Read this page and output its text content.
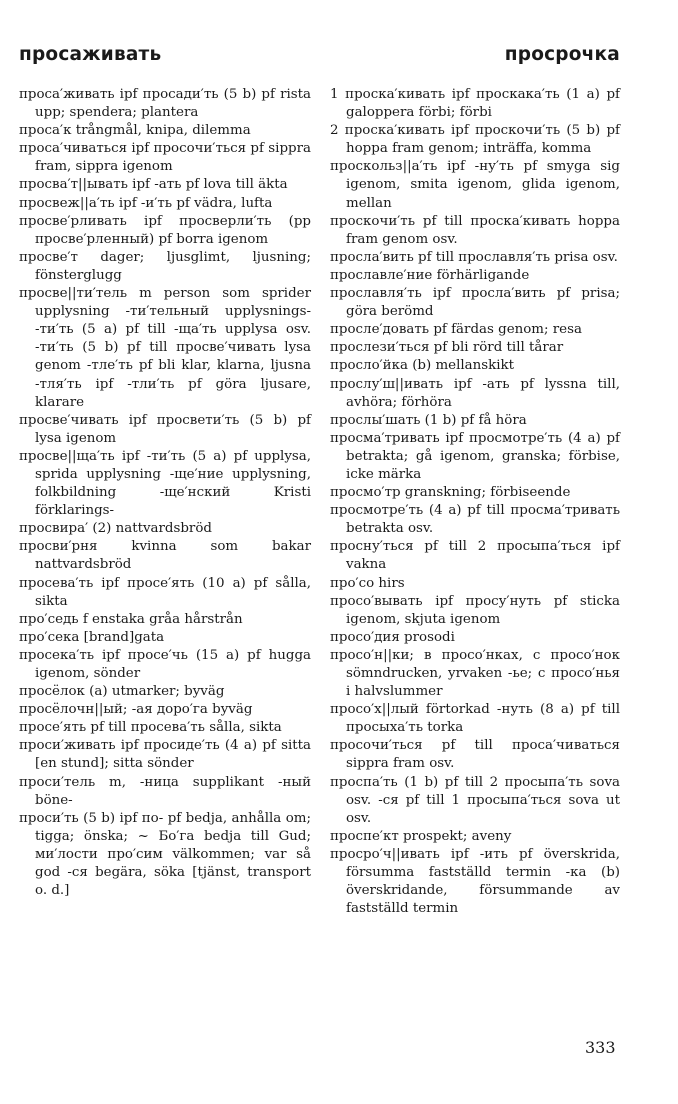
просаживать	просрочка

проса′живать ipf просади′ть (5 b) pf rista upp; spendera; plantera

проса′к trångmål, knipa, dilemma

проса′чиваться ipf просочи′ться pf sippra fram, sippra igenom

просва′т||ывать ipf -ать pf lova till äkta

просвеж||а′ть ipf -и′ть pf vädra, lufta

просве′рливать ipf просверли′ть (pp просве′рленный) pf borra igenom

просве′т dager; ljusglimt, ljusning; fönsterglugg

просве||ти′тель m person som sprider upplysning -ти′тельный upplysnings- -ти′ть (5 a) pf till -ща′ть upplysa osv. -ти′ть (5 b) pf till просве′чивать lysa genom -тле′ть pf bli klar, klarna, ljusna -тля′ть ipf -тли′ть pf göra ljusare, klarare

просве′чивать ipf просвети′ть (5 b) pf lysa igenom

просвe||ща′ть ipf -ти′ть (5 a) pf upplysa, sprida upplysning -ще′ние upplysning, folkbildning -ще′нский Kristi förklarings-

просвира′ (2) nattvardsbröd

просви′рня kvinna som bakar nattvardsbröd

просева′ть ipf просе′ять (10 a) pf sålla, sikta

про′седь f enstaka gråa hårstrån

про′сека [brand]gata

просека′ть ipf просе′чь (15 a) pf hugga igenom, sönder

просёлок (a) utmarker; byväg

просёлочн||ый; -ая доро′га byväg

просе′ять pf till просева′ть sålla, sikta

проси′живать ipf просиде′ть (4 a) pf sitta [en stund]; sitta sönder

проси′тель m, -ница supplikant -ный böne-

проси′ть (5 b) ipf по- pf bedja, anhålla om; tigga; önska; ~ Бо′га bedja till Gud; ми′лости про′сим välkommen; var så god -ся begära, söka [tjänst, transport o. d.]

1 проска′кивать ipf проскака′ть (1 a) pf galoppera förbi; förbi

2 проска′кивать ipf проскочи′ть (5 b) pf hoppa fram genom; inträffa, komma

проскольз||а′ть ipf -ну′ть pf smyga sig igenom, smita igenom, glida igenom, mellan

проскочи′ть pf till проска′кивать hoppa fram genom osv.

просла′вить pf till прославля′ть prisa osv.

прославле′ние förhärligande

прославля′ть ipf просла′вить pf prisa; göra berömd

просле′довать pf färdas genom; resa

прослези′ться pf bli rörd till tårar

просло′йка (b) mellanskikt

прослу′ш||ивать ipf -ать pf lyssna till, avhöra; förhöra

прослы′шать (1 b) pf få höra

просма′тривать ipf просмотре′ть (4 a) pf betrakta; gå igenom, granska; förbise, icke märka

просмо′тр granskning; förbiseende

просмотре′ть (4 a) pf till просма′тривать betrakta osv.

просну′ться pf till 2 просыпа′ться ipf vakna

про′со hirs

просо′вывать ipf просу′нуть pf sticka igenom, skjuta igenom

просо′дия prosodi

просо′н||ки; в просо′нках, с просо′нок sömndrucken, yrvaken -ье; с просо′нья i halvslummer

просо′х||лый förtorkad -нуть (8 a) pf till просыха′ть torka

просочи′ться pf till проса′чиваться sippra fram osv.

проспа′ть (1 b) pf till 2 просыпа′ть sova osv. -ся pf till 1 просыпа′ться sova ut osv.

проспе′кт prospekt; aveny

просро′ч||ивать ipf -ить pf överskrida, försumma fastställd termin -ка (b) överskridande, försummande av fastställd termin

333
